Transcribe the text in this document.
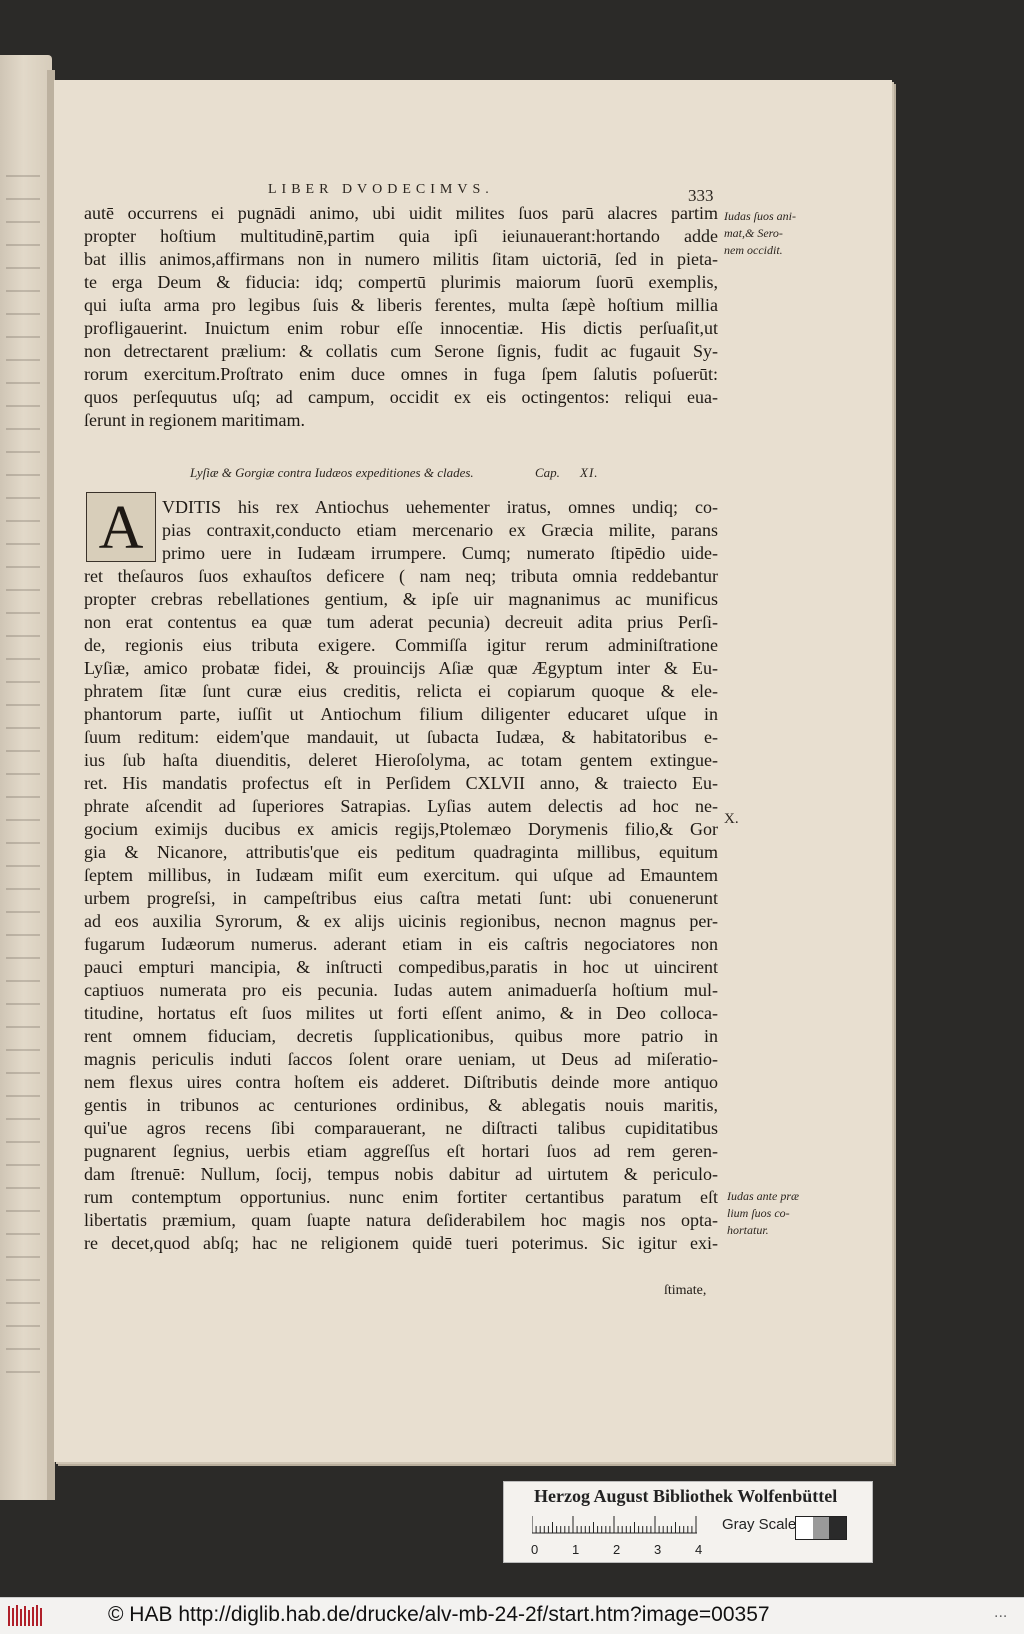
LIBER DVODECIMVS.	333
autē occurrens ei pugnādi animo, ubi uidit milites ſuos parū alacres partim
propter hoſtium multitudinē,partim quia ipſi ieiunauerant:hortando adde
bat illis animos,affirmans non in numero militis ſitam uictoriā, ſed in pieta-
te erga Deum & fiducia: idq; compertū plurimis maiorum ſuorū exemplis,
qui iuſta arma pro legibus ſuis & liberis ferentes, multa ſæpè hoſtium millia
profligauerint. Inuictum enim robur eſſe innocentiæ. His dictis perſuaſit,ut
non detrectarent prælium: & collatis cum Serone ſignis, fudit ac fugauit Sy-
rorum exercitum.Proſtrato enim duce omnes in fuga ſpem ſalutis poſuerūt:
quos perſequutus uſq; ad campum, occidit ex eis octingentos: reliqui eua-
ſerunt in regionem maritimam.
Iudas ſuos ani-
mat,& Sero-
nem occidit.
Lyſiæ & Gorgiæ contra Iudæos expeditiones & clades.	Cap. XI.
A	VDITIS his rex Antiochus uehementer iratus, omnes undiq; co-
pias contraxit,conducto etiam mercenario ex Græcia milite, parans
primo uere in Iudæam irrumpere. Cumq; numerato ſtipēdio uide-
ret theſauros ſuos exhauſtos deficere ( nam neq; tributa omnia reddebantur
propter crebras rebellationes gentium, & ipſe uir magnanimus ac munificus
non erat contentus ea quæ tum aderat pecunia) decreuit adita prius Perſi-
de, regionis eius tributa exigere. Commiſſa igitur rerum adminiſtratione
Lyſiæ, amico probatæ fidei, & prouincijs Aſiæ quæ Ægyptum inter & Eu-
phratem ſitæ ſunt curæ eius creditis, relicta ei copiarum quoque & ele-
phantorum parte, iuſſit ut Antiochum filium diligenter educaret uſque in
ſuum reditum: eidem'que mandauit, ut ſubacta Iudæa, & habitatoribus e-
ius ſub haſta diuenditis, deleret Hieroſolyma, ac totam gentem extingue-
ret. His mandatis profectus eſt in Perſidem CXLVII anno, & traiecto Eu-
phrate aſcendit ad ſuperiores Satrapias. Lyſias autem delectis ad hoc ne-
gocium eximijs ducibus ex amicis regijs,Ptolemæo Dorymenis filio,& Gor
gia & Nicanore, attributis'que eis peditum quadraginta millibus, equitum
ſeptem millibus, in Iudæam miſit eum exercitum. qui uſque ad Emauntem
urbem progreſsi, in campeſtribus eius caſtra metati ſunt: ubi conuenerunt
ad eos auxilia Syrorum, & ex alijs uicinis regionibus, necnon magnus per-
fugarum Iudæorum numerus. aderant etiam in eis caſtris negociatores non
pauci empturi mancipia, & inſtructi compedibus,paratis in hoc ut uincirent
captiuos numerata pro eis pecunia. Iudas autem animaduerſa hoſtium mul-
titudine, hortatus eſt ſuos milites ut forti eſſent animo, & in Deo colloca-
rent omnem fiduciam, decretis ſupplicationibus, quibus more patrio in
magnis periculis induti ſaccos ſolent orare ueniam, ut Deus ad miſeratio-
nem flexus uires contra hoſtem eis adderet. Diſtributis deinde more antiquo
gentis in tribunos ac centuriones ordinibus, & ablegatis nouis maritis,
qui'ue agros recens ſibi comparauerant, ne diſtracti talibus cupiditatibus
pugnarent ſegnius, uerbis etiam aggreſſus eſt hortari ſuos ad rem geren-
dam ſtrenuē: Nullum, ſocij, tempus nobis dabitur ad uirtutem & periculo-
rum contemptum opportunius. nunc enim fortiter certantibus paratum eſt
libertatis præmium, quam ſuapte natura deſiderabilem hoc magis nos opta-
re decet,quod abſq; hac ne religionem quidē tueri poterimus. Sic igitur exi-
X.
Iudas ante præ
lium ſuos co-
hortatur.
ſtimate,
Herzog August Bibliothek Wolfenbüttel
Gray Scale
0	1	2	3	4
© HAB http://diglib.hab.de/drucke/alv-mb-24-2f/start.htm?image=00357	...
